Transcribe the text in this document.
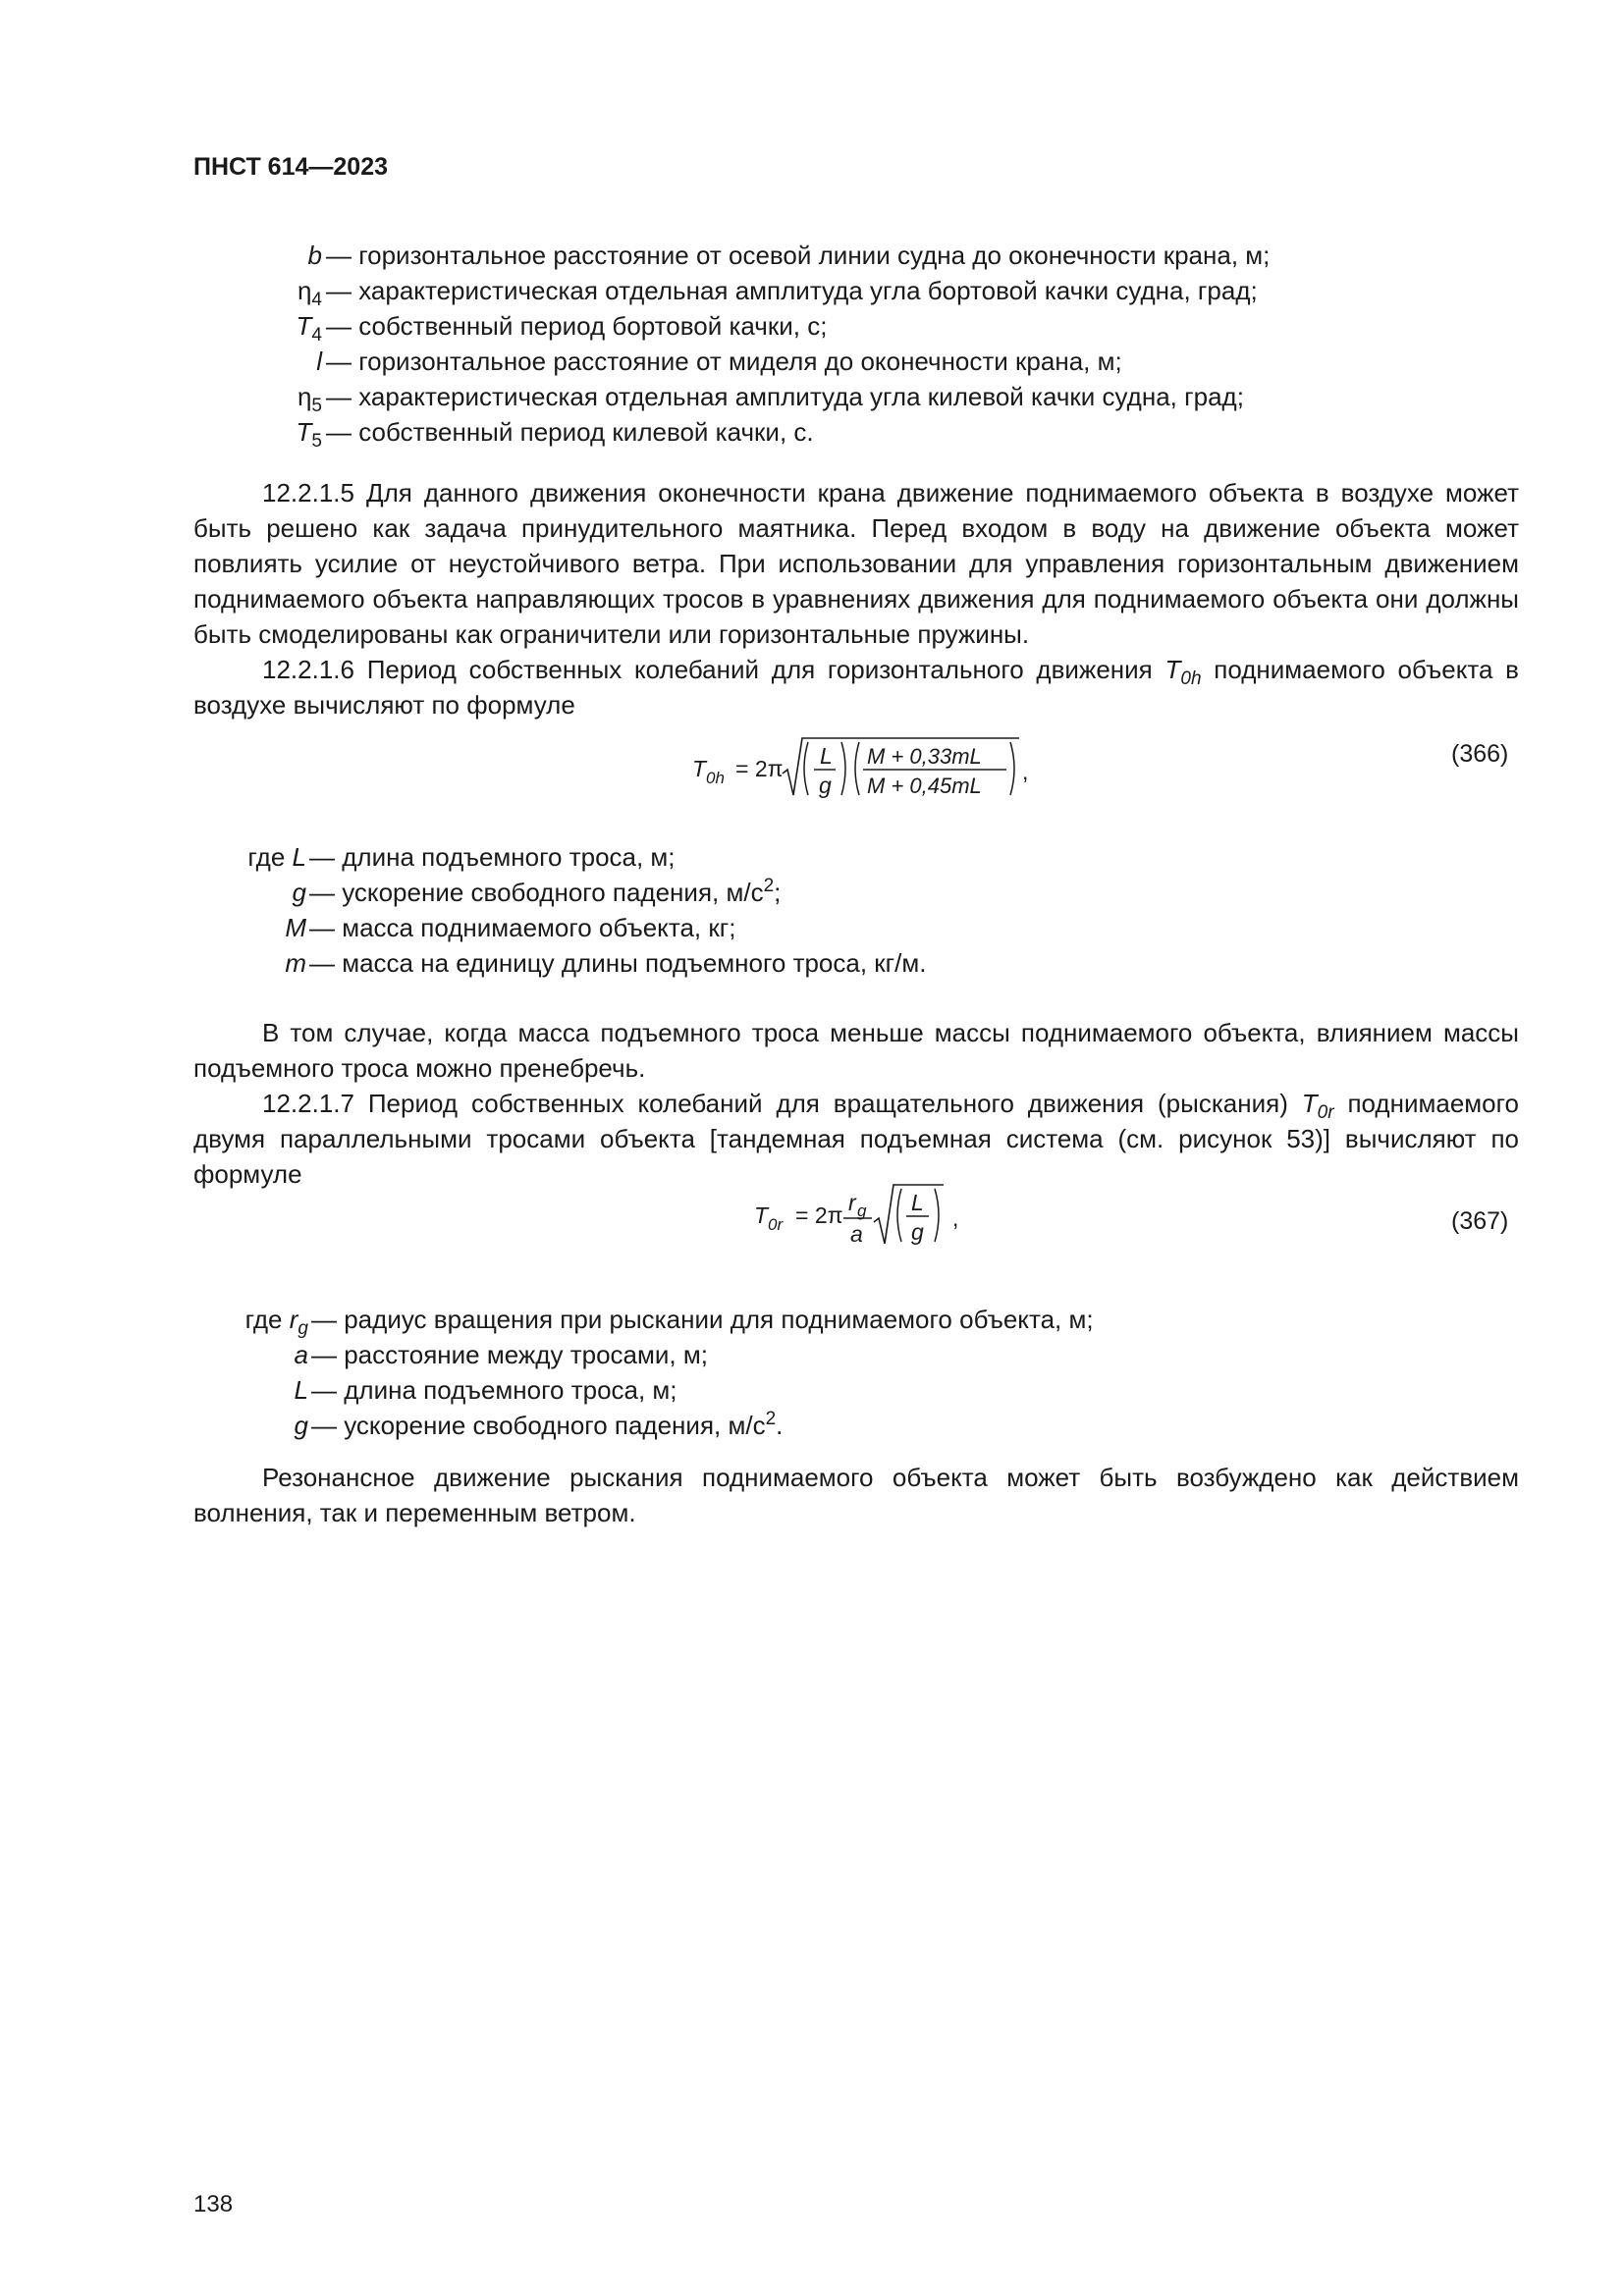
ПНСТ 614—2023
b — горизонтальное расстояние от осевой линии судна до оконечности крана, м;
$\eta_4$ — характеристическая отдельная амплитуда угла бортовой качки судна, град;
$T_4$ — собственный период бортовой качки, с;
l — горизонтальное расстояние от миделя до оконечности крана, м;
$\eta_5$ — характеристическая отдельная амплитуда угла килевой качки судна, град;
$T_5$ — собственный период килевой качки, с.

12.2.1.5 Для данного движения оконечности крана движение поднимаемого объекта в воздухе может быть решено как задача принудительного маятника. Перед входом в воду на движение объекта может повлиять усилие от неустойчивого ветра. При использовании для управления горизонтальным движением поднимаемого объекта направляющих тросов в уравнениях движения для поднимаемого объекта они должны быть смоделированы как ограничители или горизонтальные пружины.

12.2.1.6 Период собственных колебаний для горизонтального движения $T_{0h}$ поднимаемого объекта в воздухе вычисляют по формуле

T 0h = 2π L
g
M + 0,33mL
M + 0,45mL
,
(366)
где L — длина подъемного троса, м;
g — ускорение свободного падения, $м/с^2$;
M — масса поднимаемого объекта, кг;
m — масса на единицу длины подъемного троса, кг/м.

В том случае, когда масса подъемного троса меньше массы поднимаемого объекта, влиянием массы подъемного троса можно пренебречь.

12.2.1.7 Период собственных колебаний для вращательного движения (рыскания) $T_{0r}$ поднимаемого двумя параллельными тросами объекта [тандемная подъемная система (см. рисунок 53)] вычисляют по формуле

T 0r = 2π r g
a
L
g
,	(367)
где $r_g$ — радиус вращения при рыскании для поднимаемого объекта, м;
a — расстояние между тросами, м;
L — длина подъемного троса, м;
g — ускорение свободного падения, $м/с^2$.

Резонансное движение рыскания поднимаемого объекта может быть возбуждено как действием волнения, так и переменным ветром.

138
